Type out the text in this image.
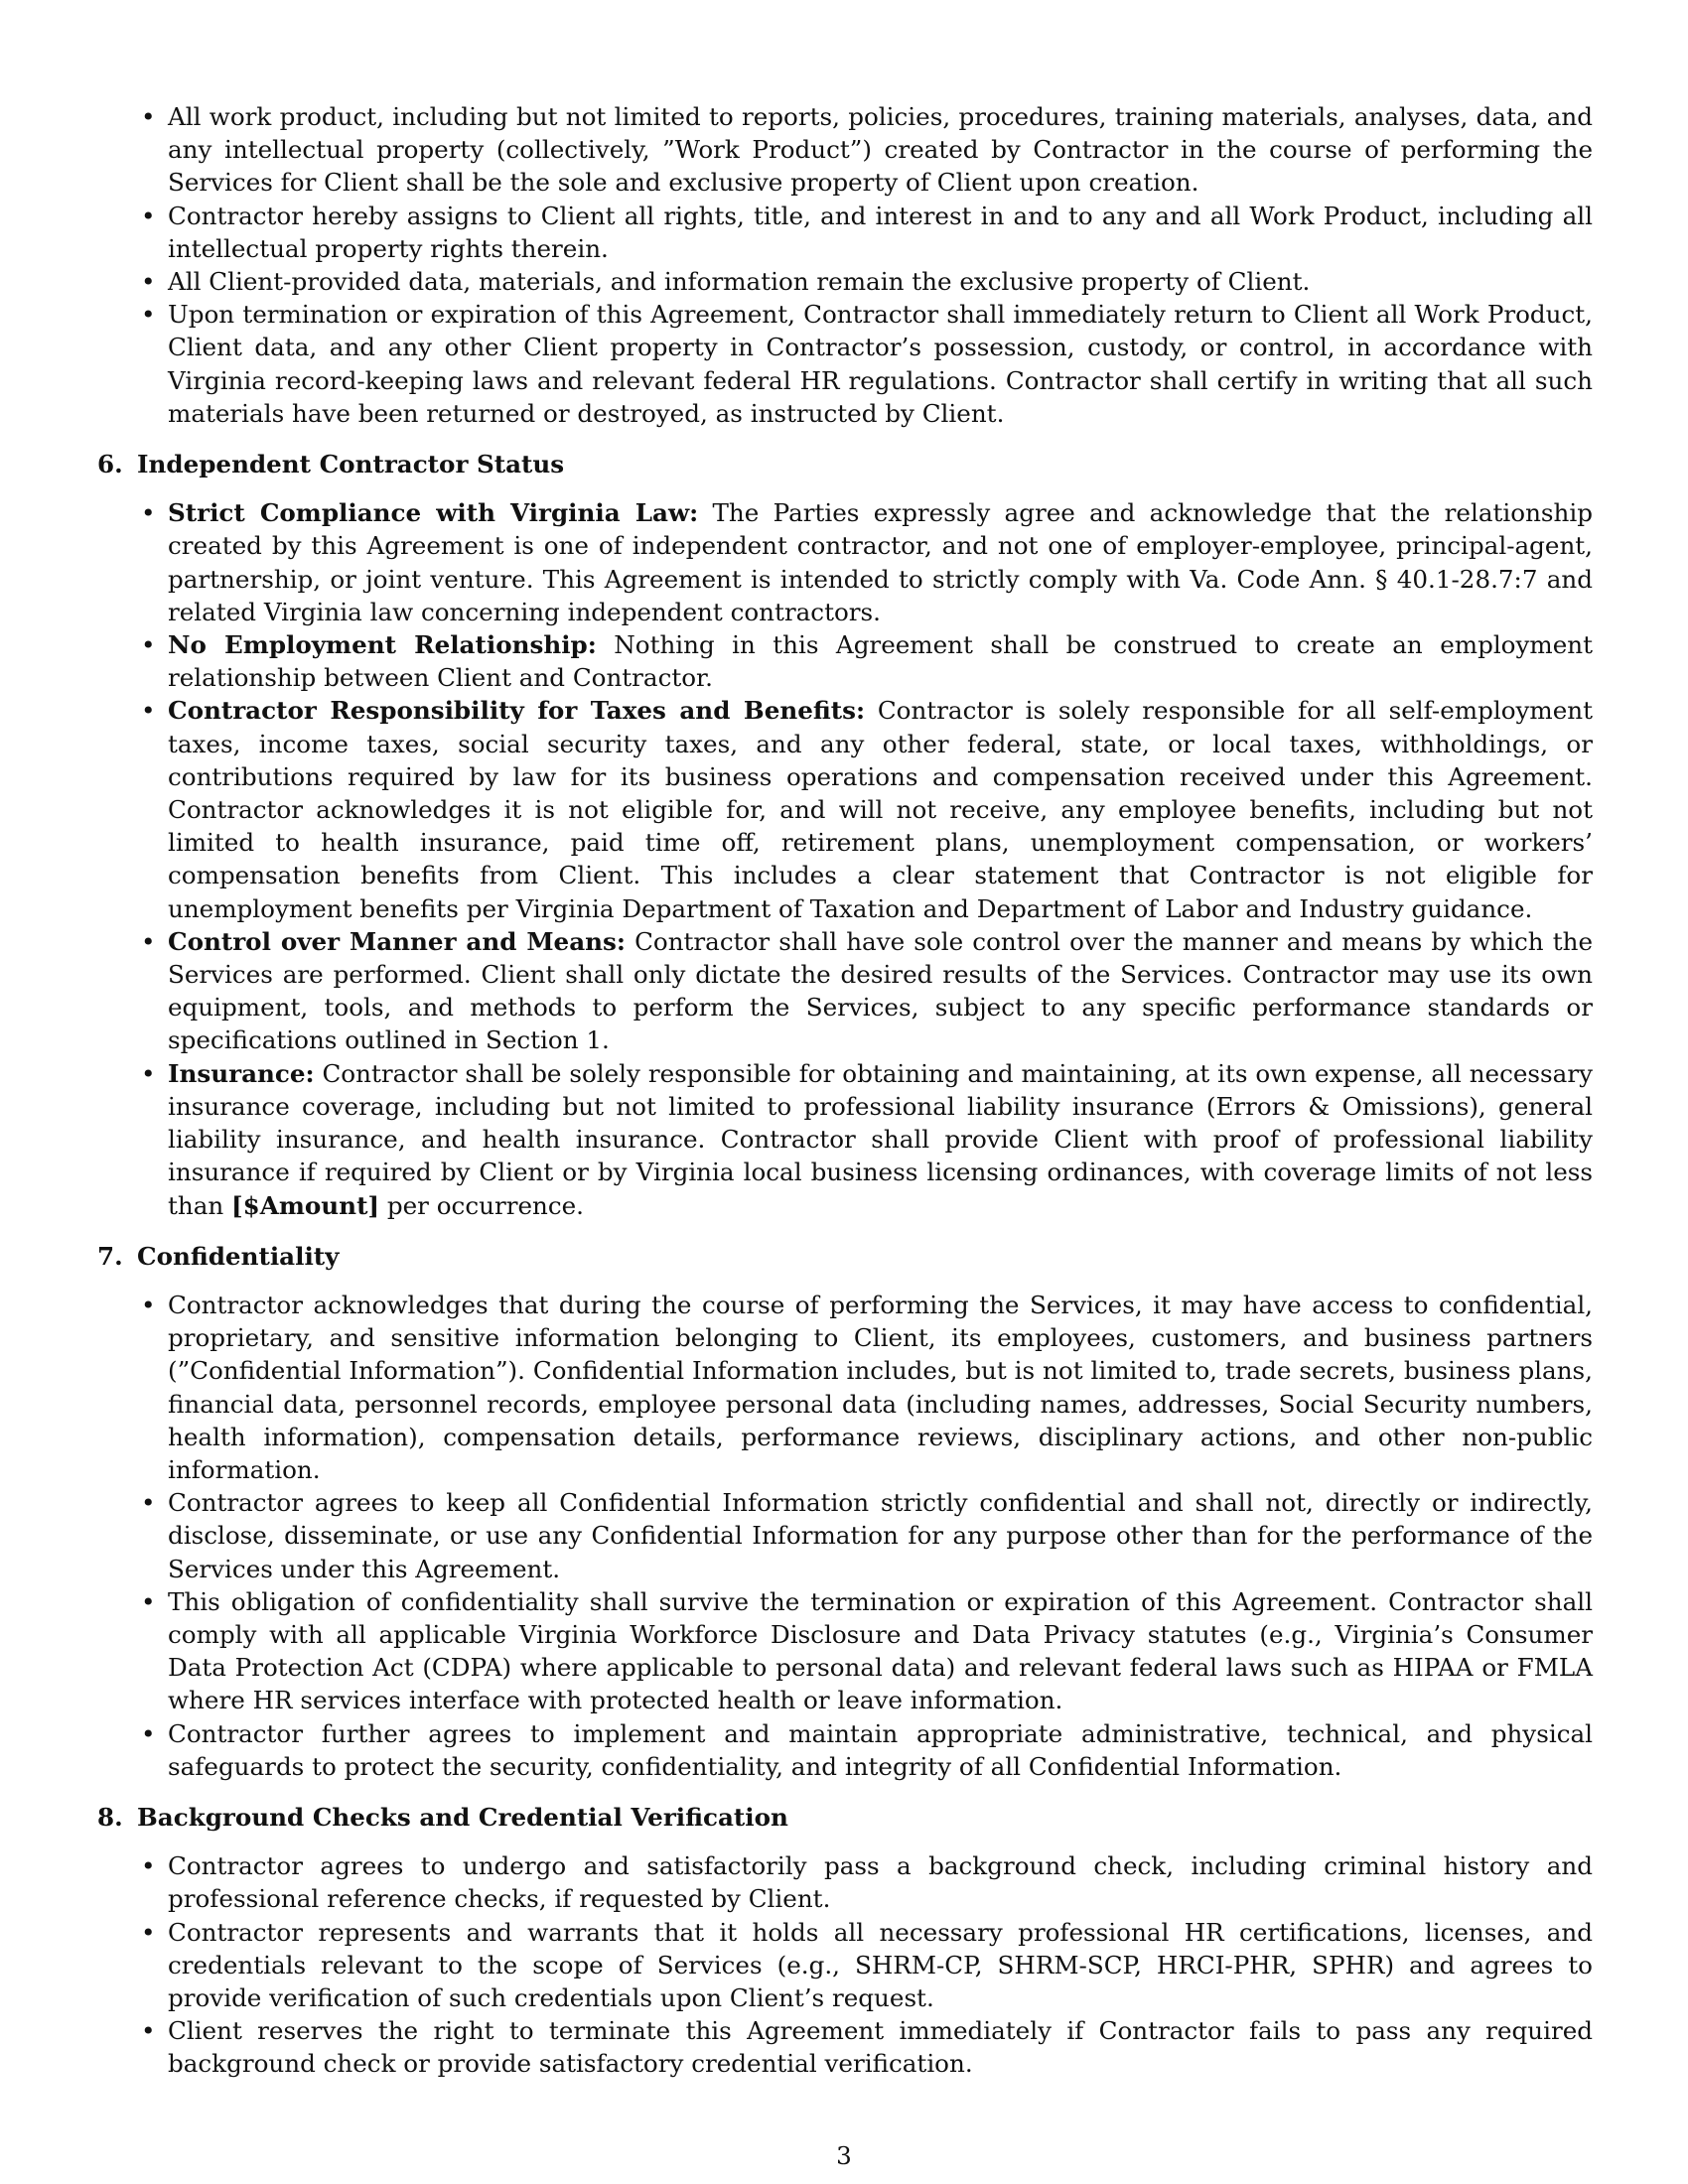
• All work product, including but not limited to reports, policies, procedures, training materials, analyses, data, and any intellectual property (collectively, ”Work Product”) created by Contractor in the course of performing the Services for Client shall be the sole and exclusive property of Client upon creation.
• Contractor hereby assigns to Client all rights, title, and interest in and to any and all Work Product, including all intellectual property rights therein.
• All Client-provided data, materials, and information remain the exclusive property of Client.
• Upon termination or expiration of this Agreement, Contractor shall immediately return to Client all Work Product, Client data, and any other Client property in Contractor’s possession, custody, or control, in accordance with Virginia record-keeping laws and relevant federal HR regulations. Contractor shall certify in writing that all such materials have been returned or destroyed, as instructed by Client.
6. Independent Contractor Status
• Strict Compliance with Virginia Law: The Parties expressly agree and acknowledge that the relationship created by this Agreement is one of independent contractor, and not one of employer-employee, principal-agent, partnership, or joint venture. This Agreement is intended to strictly comply with Va. Code Ann. § 40.1-28.7:7 and related Virginia law concerning independent contractors.
• No Employment Relationship: Nothing in this Agreement shall be construed to create an employment relationship between Client and Contractor.
• Contractor Responsibility for Taxes and Benefits: Contractor is solely responsible for all self-employment taxes, income taxes, social security taxes, and any other federal, state, or local taxes, withholdings, or contributions required by law for its business operations and compensation received under this Agreement. Contractor acknowledges it is not eligible for, and will not receive, any employee benefits, including but not limited to health insurance, paid time off, retirement plans, unemployment compensation, or workers’ compensation benefits from Client. This includes a clear statement that Contractor is not eligible for unemployment benefits per Virginia Department of Taxation and Department of Labor and Industry guidance.
• Control over Manner and Means: Contractor shall have sole control over the manner and means by which the Services are performed. Client shall only dictate the desired results of the Services. Contractor may use its own equipment, tools, and methods to perform the Services, subject to any specific performance standards or specifications outlined in Section 1.
• Insurance: Contractor shall be solely responsible for obtaining and maintaining, at its own expense, all necessary insurance coverage, including but not limited to professional liability insurance (Errors & Omissions), general liability insurance, and health insurance. Contractor shall provide Client with proof of professional liability insurance if required by Client or by Virginia local business licensing ordinances, with coverage limits of not less than [$Amount] per occurrence.
7. Confidentiality
• Contractor acknowledges that during the course of performing the Services, it may have access to confidential, proprietary, and sensitive information belonging to Client, its employees, customers, and business partners (”Confidential Information”). Confidential Information includes, but is not limited to, trade secrets, business plans, financial data, personnel records, employee personal data (including names, addresses, Social Security numbers, health information), compensation details, performance reviews, disciplinary actions, and other non-public information.
• Contractor agrees to keep all Confidential Information strictly confidential and shall not, directly or indirectly, disclose, disseminate, or use any Confidential Information for any purpose other than for the performance of the Services under this Agreement.
• This obligation of confidentiality shall survive the termination or expiration of this Agreement. Contractor shall comply with all applicable Virginia Workforce Disclosure and Data Privacy statutes (e.g., Virginia’s Consumer Data Protection Act (CDPA) where applicable to personal data) and relevant federal laws such as HIPAA or FMLA where HR services interface with protected health or leave information.
• Contractor further agrees to implement and maintain appropriate administrative, technical, and physical safeguards to protect the security, confidentiality, and integrity of all Confidential Information.
8. Background Checks and Credential Verification
• Contractor agrees to undergo and satisfactorily pass a background check, including criminal history and professional reference checks, if requested by Client.
• Contractor represents and warrants that it holds all necessary professional HR certifications, licenses, and credentials relevant to the scope of Services (e.g., SHRM-CP, SHRM-SCP, HRCI-PHR, SPHR) and agrees to provide verification of such credentials upon Client’s request.
• Client reserves the right to terminate this Agreement immediately if Contractor fails to pass any required background check or provide satisfactory credential verification.
3
